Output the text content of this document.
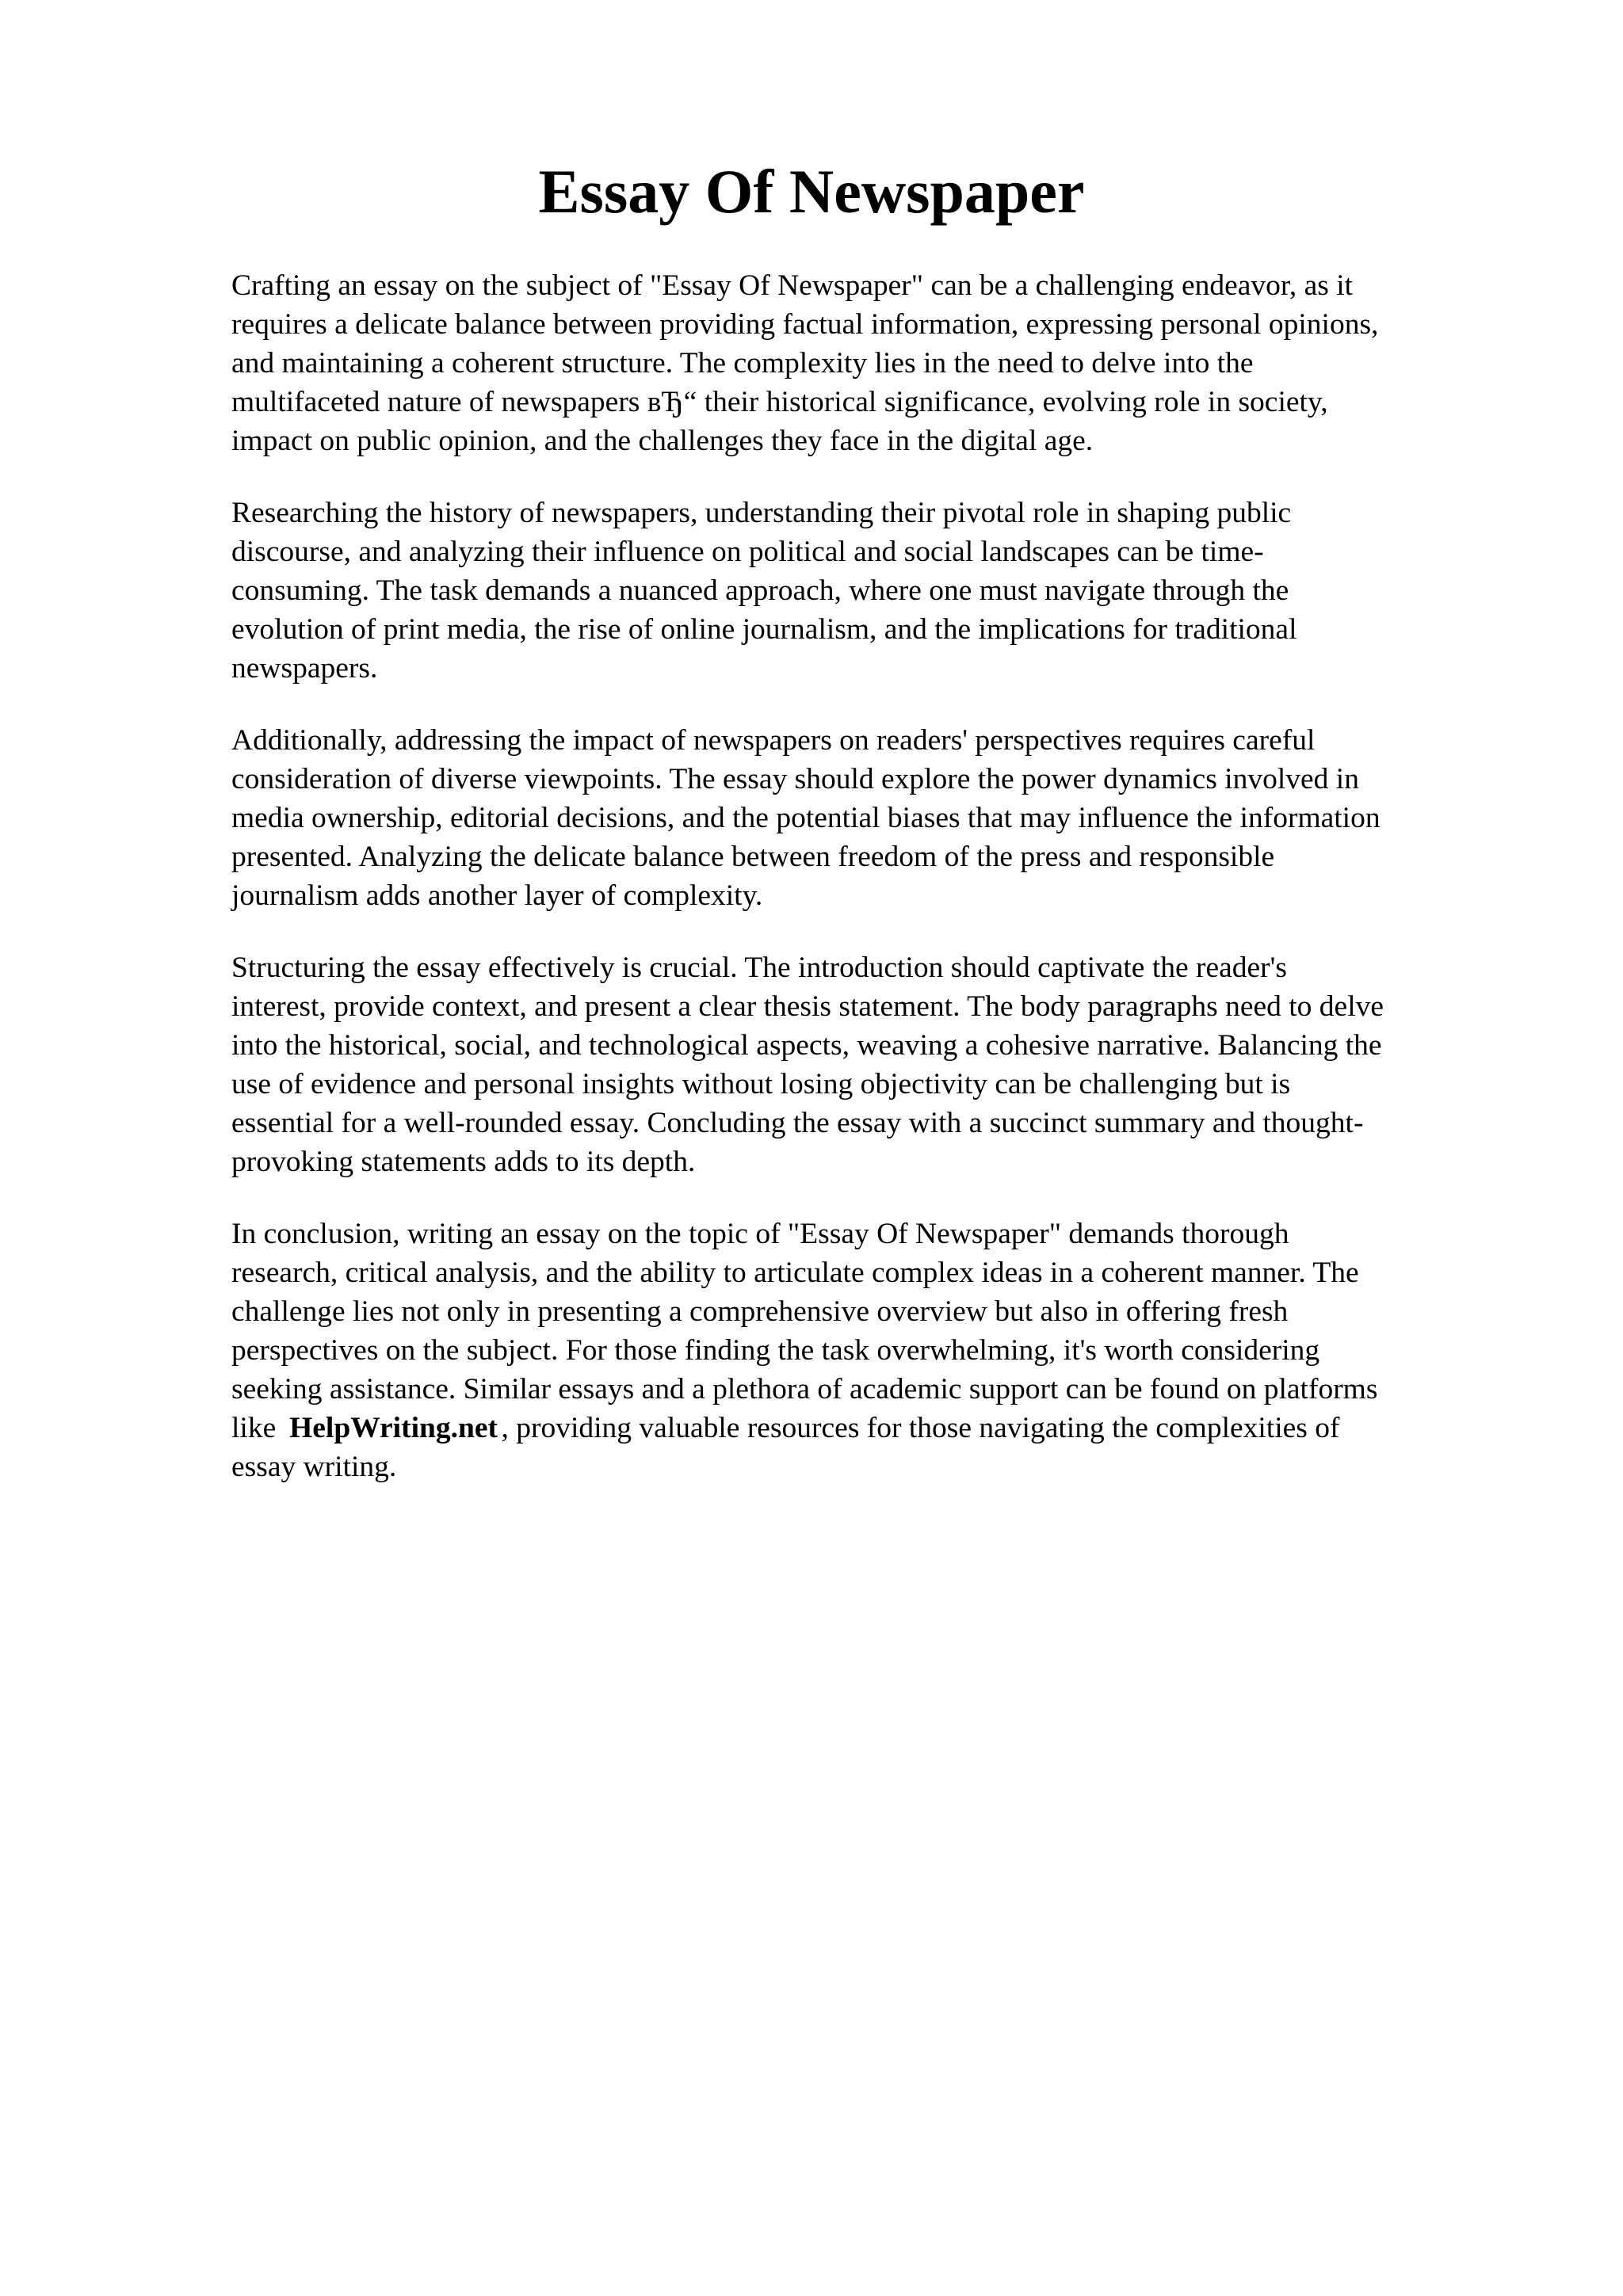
Essay Of Newspaper

Crafting an essay on the subject of "Essay Of Newspaper" can be a challenging endeavor, as it
requires a delicate balance between providing factual information, expressing personal opinions,
and maintaining a coherent structure. The complexity lies in the need to delve into the
multifaceted nature of newspapers вЂ“ their historical significance, evolving role in society,
impact on public opinion, and the challenges they face in the digital age.

Researching the history of newspapers, understanding their pivotal role in shaping public
discourse, and analyzing their influence on political and social landscapes can be time-
consuming. The task demands a nuanced approach, where one must navigate through the
evolution of print media, the rise of online journalism, and the implications for traditional
newspapers.

Additionally, addressing the impact of newspapers on readers' perspectives requires careful
consideration of diverse viewpoints. The essay should explore the power dynamics involved in
media ownership, editorial decisions, and the potential biases that may influence the information
presented. Analyzing the delicate balance between freedom of the press and responsible
journalism adds another layer of complexity.

Structuring the essay effectively is crucial. The introduction should captivate the reader's
interest, provide context, and present a clear thesis statement. The body paragraphs need to delve
into the historical, social, and technological aspects, weaving a cohesive narrative. Balancing the
use of evidence and personal insights without losing objectivity can be challenging but is
essential for a well-rounded essay. Concluding the essay with a succinct summary and thought-
provoking statements adds to its depth.

In conclusion, writing an essay on the topic of "Essay Of Newspaper" demands thorough
research, critical analysis, and the ability to articulate complex ideas in a coherent manner. The
challenge lies not only in presenting a comprehensive overview but also in offering fresh
perspectives on the subject. For those finding the task overwhelming, it's worth considering
seeking assistance. Similar essays and a plethora of academic support can be found on platforms
like HelpWriting.net , providing valuable resources for those navigating the complexities of
essay writing.
